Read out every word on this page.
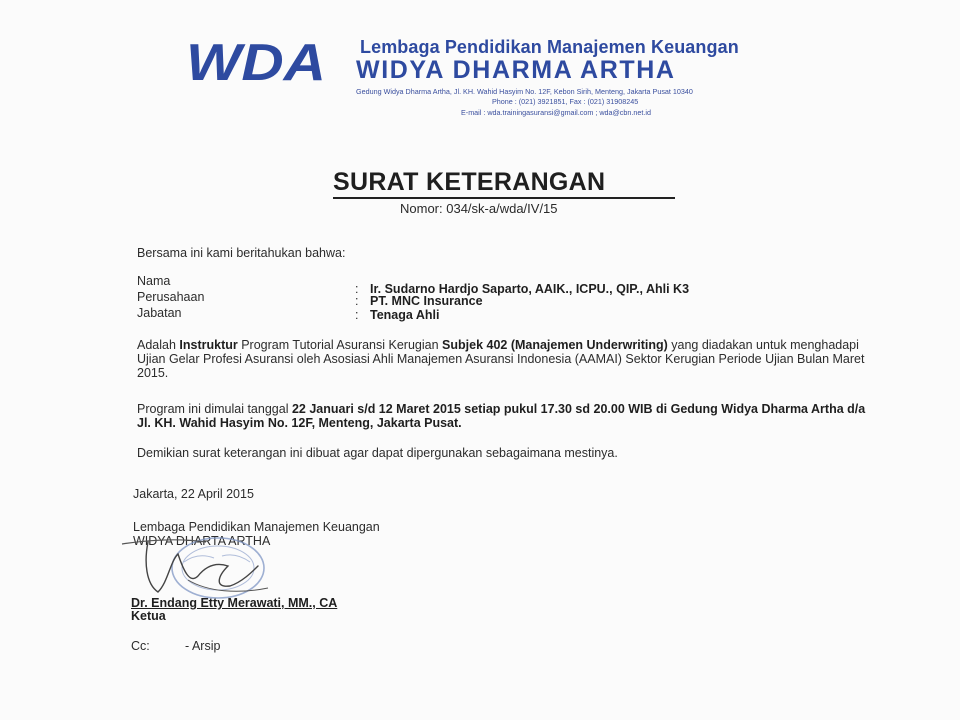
WDA Lembaga Pendidikan Manajemen Keuangan
WIDYA DHARMA ARTHA
Gedung Widya Dharma Artha, Jl. KH. Wahid Hasyim No. 12F, Kebon Sirih, Menteng, Jakarta Pusat 10340
Phone : (021) 3921851, Fax : (021) 31908245
E-mail : wda.trainingasuransi@gmail.com ; wda@cbn.net.id
SURAT KETERANGAN
Nomor: 034/sk-a/wda/IV/15
Bersama ini kami beritahukan bahwa:
Nama
Perusahaan
Jabatan
:
:
:
Ir. Sudarno Hardjo Saparto, AAIK., ICPU., QIP., Ahli K3
PT. MNC Insurance
Tenaga Ahli
Adalah Instruktur Program Tutorial Asuransi Kerugian Subjek 402 (Manajemen Underwriting) yang diadakan untuk menghadapi Ujian Gelar Profesi Asuransi oleh Asosiasi Ahli Manajemen Asuransi Indonesia (AAMAI) Sektor Kerugian Periode Ujian Bulan Maret 2015.
Program ini dimulai tanggal 22 Januari s/d 12 Maret 2015 setiap pukul 17.30 sd 20.00 WIB di Gedung Widya Dharma Artha d/a Jl. KH. Wahid Hasyim No. 12F, Menteng, Jakarta Pusat.
Demikian surat keterangan ini dibuat agar dapat dipergunakan sebagaimana mestinya.
Jakarta, 22 April 2015
Lembaga Pendidikan Manajemen Keuangan
WIDYA DHARTA ARTHA
Dr. Endang Etty Merawati, MM., CA
Ketua
Cc:	- Arsip
